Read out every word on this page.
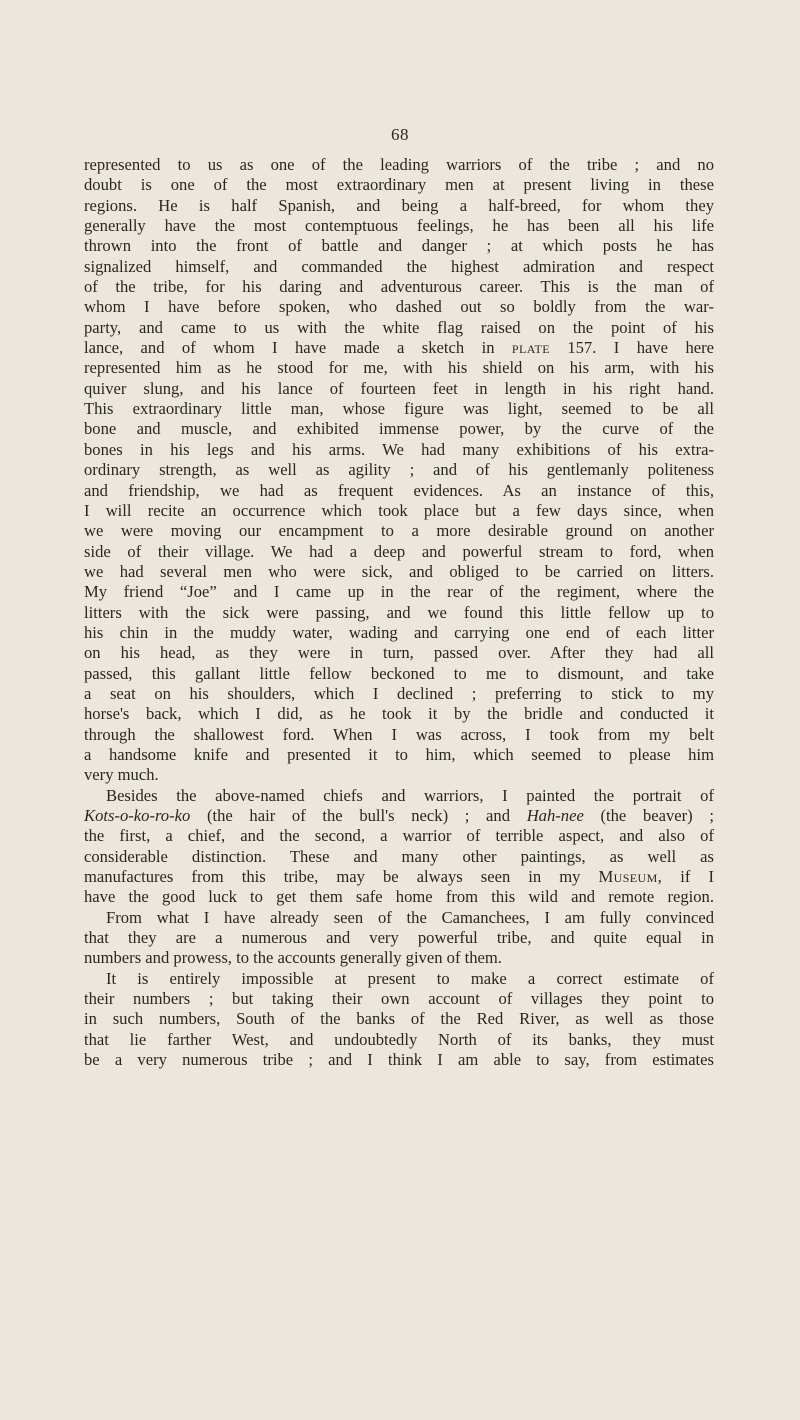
68
represented to us as one of the leading warriors of the tribe ; and no
doubt is one of the most extraordinary men at present living in these
regions. He is half Spanish, and being a half-breed, for whom they
generally have the most contemptuous feelings, he has been all his life
thrown into the front of battle and danger ; at which posts he has
signalized himself, and commanded the highest admiration and respect
of the tribe, for his daring and adventurous career. This is the man of
whom I have before spoken, who dashed out so boldly from the war-
party, and came to us with the white flag raised on the point of his
lance, and of whom I have made a sketch in plate 157. I have here
represented him as he stood for me, with his shield on his arm, with his
quiver slung, and his lance of fourteen feet in length in his right hand.
This extraordinary little man, whose figure was light, seemed to be all
bone and muscle, and exhibited immense power, by the curve of the
bones in his legs and his arms. We had many exhibitions of his extra-
ordinary strength, as well as agility ; and of his gentlemanly politeness
and friendship, we had as frequent evidences. As an instance of this,
I will recite an occurrence which took place but a few days since, when
we were moving our encampment to a more desirable ground on another
side of their village. We had a deep and powerful stream to ford, when
we had several men who were sick, and obliged to be carried on litters.
My friend “Joe” and I came up in the rear of the regiment, where the
litters with the sick were passing, and we found this little fellow up to
his chin in the muddy water, wading and carrying one end of each litter
on his head, as they were in turn, passed over. After they had all
passed, this gallant little fellow beckoned to me to dismount, and take
a seat on his shoulders, which I declined ; preferring to stick to my
horse's back, which I did, as he took it by the bridle and conducted it
through the shallowest ford. When I was across, I took from my belt
a handsome knife and presented it to him, which seemed to please him
very much.
Besides the above-named chiefs and warriors, I painted the portrait of
Kots-o-ko-ro-ko (the hair of the bull's neck) ; and Hah-nee (the beaver) ;
the first, a chief, and the second, a warrior of terrible aspect, and also of
considerable distinction. These and many other paintings, as well as
manufactures from this tribe, may be always seen in my Museum, if I
have the good luck to get them safe home from this wild and remote region.
From what I have already seen of the Camanchees, I am fully convinced
that they are a numerous and very powerful tribe, and quite equal in
numbers and prowess, to the accounts generally given of them.
It is entirely impossible at present to make a correct estimate of
their numbers ; but taking their own account of villages they point to
in such numbers, South of the banks of the Red River, as well as those
that lie farther West, and undoubtedly North of its banks, they must
be a very numerous tribe ; and I think I am able to say, from estimates
